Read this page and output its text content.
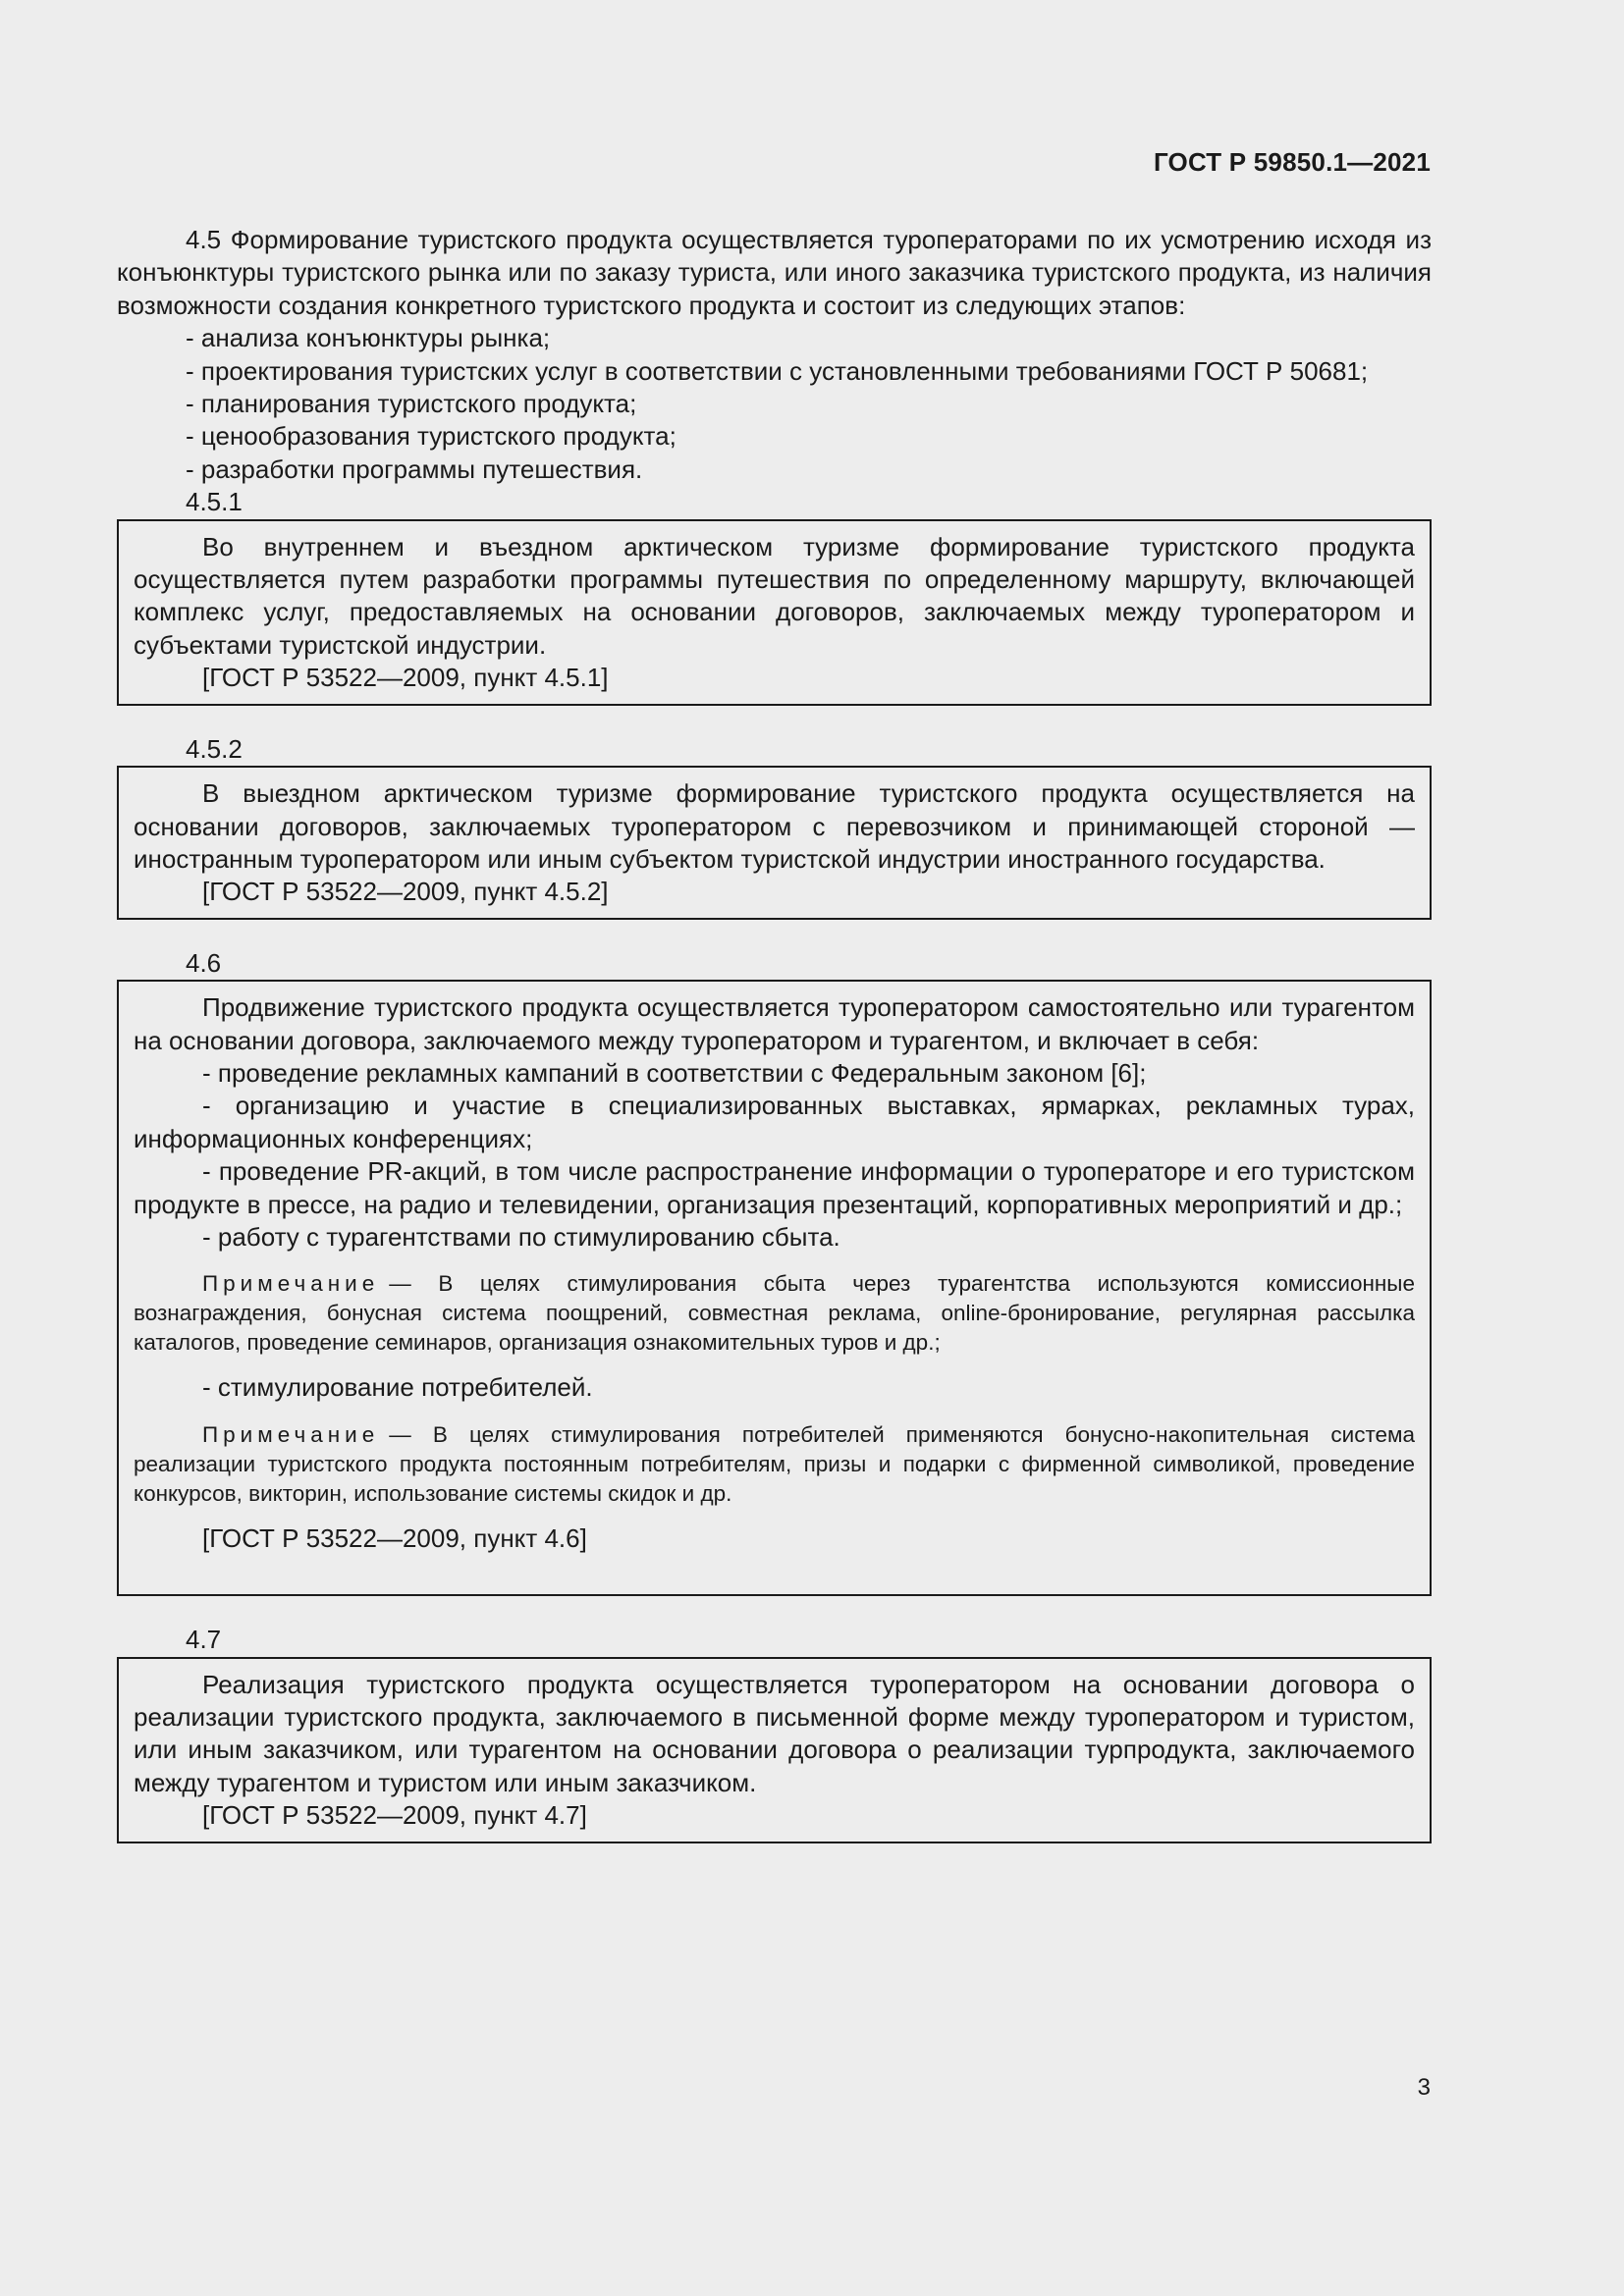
ГОСТ Р 59850.1—2021

4.5 Формирование туристского продукта осуществляется туроператорами по их усмотрению исходя из конъюнктуры туристского рынка или по заказу туриста, или иного заказчика туристского продукта, из наличия возможности создания конкретного туристского продукта и состоит из следующих этапов:

- анализа конъюнктуры рынка;

- проектирования туристских услуг в соответствии с установленными требованиями ГОСТ Р 50681;

- планирования туристского продукта;

- ценообразования туристского продукта;

- разработки программы путешествия.

4.5.1

Во внутреннем и въездном арктическом туризме формирование туристского продукта осуществляется путем разработки программы путешествия по определенному маршруту, включающей комплекс услуг, предоставляемых на основании договоров, заключаемых между туроператором и субъектами туристской индустрии.

[ГОСТ Р 53522—2009, пункт 4.5.1]

4.5.2

В выездном арктическом туризме формирование туристского продукта осуществляется на основании договоров, заключаемых туроператором с перевозчиком и принимающей стороной — иностранным туроператором или иным субъектом туристской индустрии иностранного государства.

[ГОСТ Р 53522—2009, пункт 4.5.2]

4.6

Продвижение туристского продукта осуществляется туроператором самостоятельно или турагентом на основании договора, заключаемого между туроператором и турагентом, и включает в себя:

- проведение рекламных кампаний в соответствии с Федеральным законом [6];

- организацию и участие в специализированных выставках, ярмарках, рекламных турах, информационных конференциях;

- проведение PR-акций, в том числе распространение информации о туроператоре и его туристском продукте в прессе, на радио и телевидении, организация презентаций, корпоративных мероприятий и др.;

- работу с турагентствами по стимулированию сбыта.

Примечание — В целях стимулирования сбыта через турагентства используются комиссионные вознаграждения, бонусная система поощрений, совместная реклама, online-бронирование, регулярная рассылка каталогов, проведение семинаров, организация ознакомительных туров и др.;

- стимулирование потребителей.

Примечание — В целях стимулирования потребителей применяются бонусно-накопительная система реализации туристского продукта постоянным потребителям, призы и подарки с фирменной символикой, проведение конкурсов, викторин, использование системы скидок и др.

[ГОСТ Р 53522—2009, пункт 4.6]

4.7

Реализация туристского продукта осуществляется туроператором на основании договора о реализации туристского продукта, заключаемого в письменной форме между туроператором и туристом, или иным заказчиком, или турагентом на основании договора о реализации турпродукта, заключаемого между турагентом и туристом или иным заказчиком.

[ГОСТ Р 53522—2009, пункт 4.7]

3
